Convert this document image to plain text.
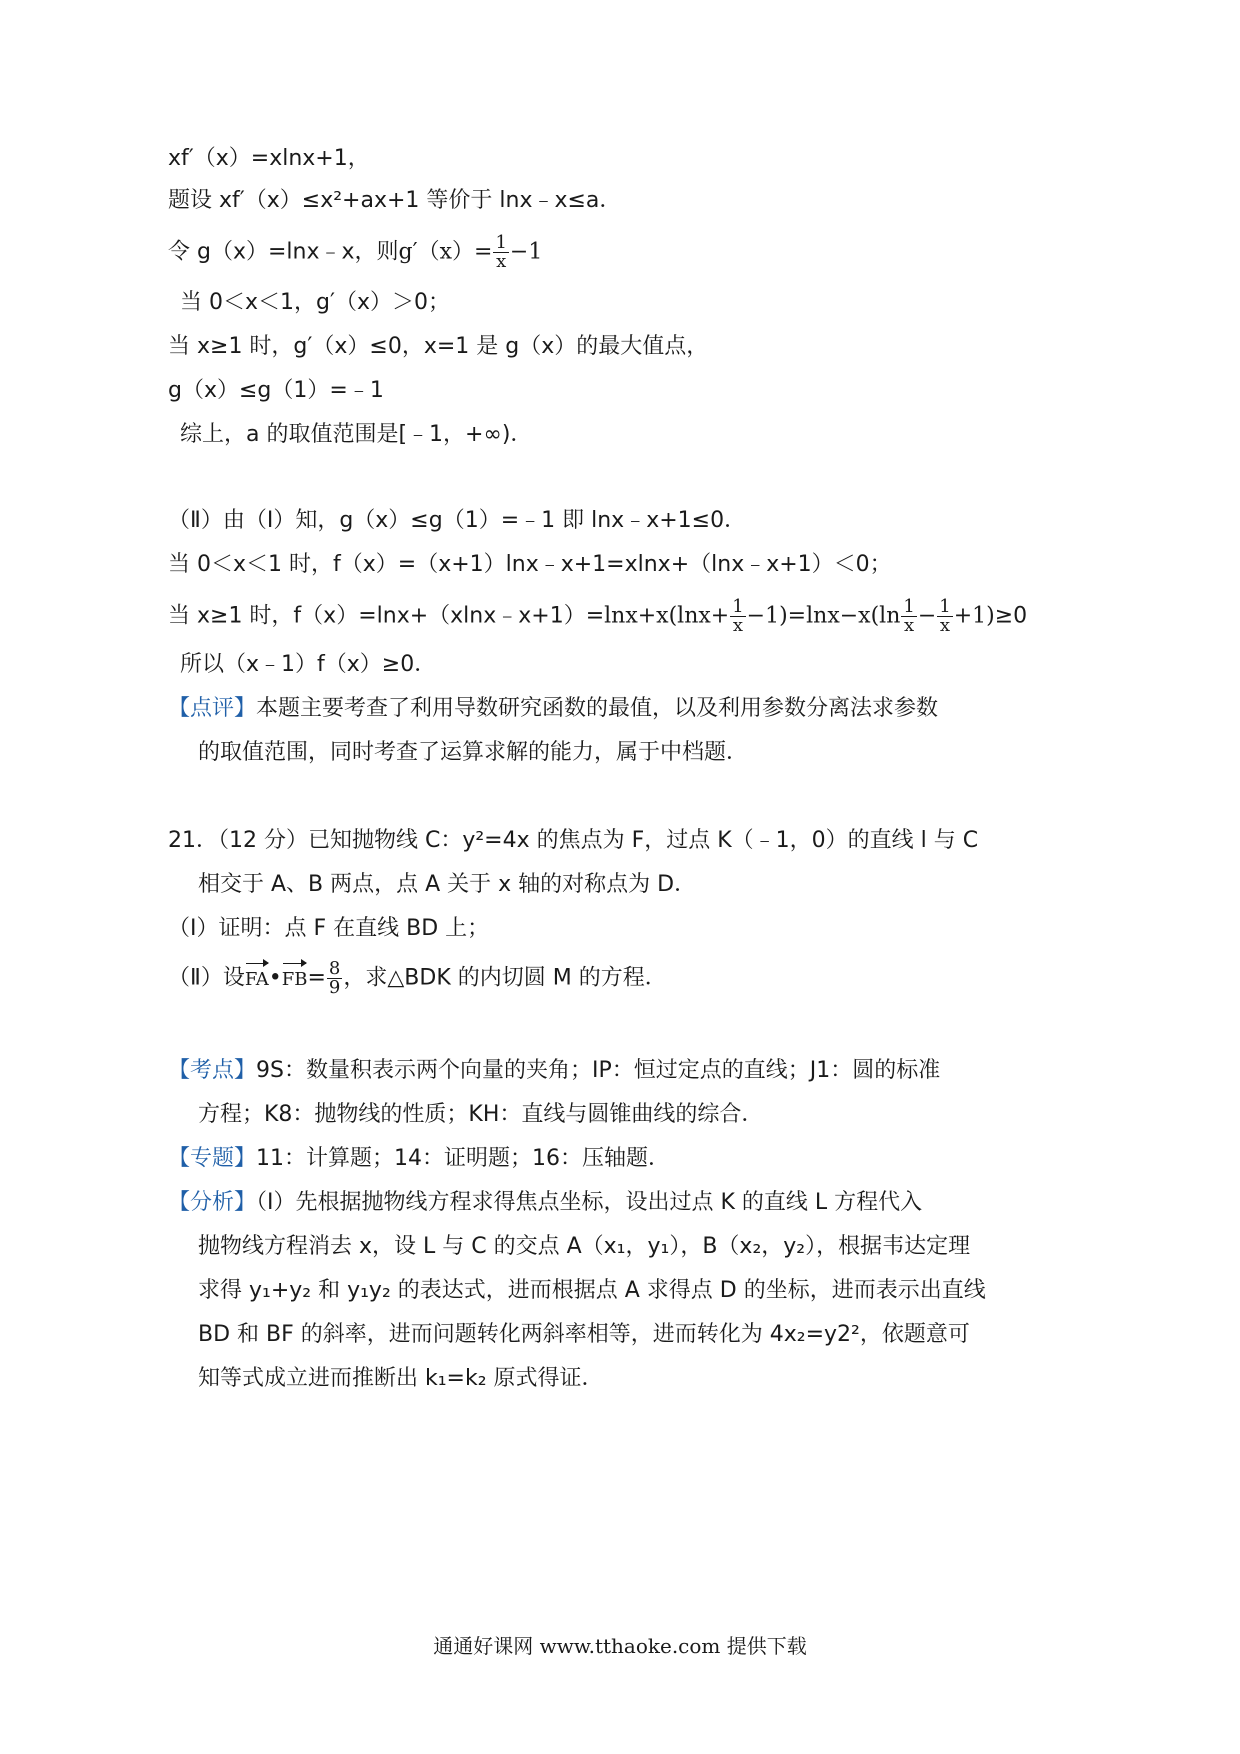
xf′（x）=xlnx+1，
题设 xf′（x）≤x²+ax+1 等价于 lnx﹣x≤a．
令 g（x）=lnx﹣x，则$g'(x)= \frac{1}{x} -1$
当 0＜x＜1，g′（x）＞0；
当 x≥1 时，g′（x）≤0，x=1 是 g（x）的最大值点，
g（x）≤g（1）=﹣1
综上，a 的取值范围是[﹣1，+∞)．
（Ⅱ）由（Ⅰ）知，g（x）≤g（1）=﹣1 即 lnx﹣x+1≤0．
当 0＜x＜1 时，f（x）=（x+1）lnx﹣x+1=xlnx+（lnx﹣x+1）＜0；
当 x≥1 时，f（x）=lnx+（xlnx﹣x+1）=lnx+x(lnx+ $\frac{1}{x} -1)=\ln x-x(\ln \frac{1}{x} - \frac{1}{x} +1)\ge 0$
所以（x﹣1）f（x）≥0．
【点评】本题主要考查了利用导数研究函数的最值，以及利用参数分离法求参数
的取值范围，同时考查了运算求解的能力，属于中档题．
21．（12 分）已知抛物线 C：y²=4x 的焦点为 F，过点 K（﹣1，0）的直线 l 与 C
相交于 A、B 两点，点 A 关于 x 轴的对称点为 D．
（Ⅰ）证明：点 F 在直线 BD 上；
（Ⅱ）设FA•FB= $\frac{8}{9}$ ，求△BDK 的内切圆 M 的方程．
【考点】9S：数量积表示两个向量的夹角；IP：恒过定点的直线；J1：圆的标准
方程；K8：抛物线的性质；KH：直线与圆锥曲线的综合．
【专题】11：计算题；14：证明题；16：压轴题．
【分析】（Ⅰ）先根据抛物线方程求得焦点坐标，设出过点 K 的直线 L 方程代入
抛物线方程消去 x，设 L 与 C 的交点 A（x₁，y₁），B（x₂，y₂），根据韦达定理
求得 y₁+y₂ 和 y₁y₂ 的表达式，进而根据点 A 求得点 D 的坐标，进而表示出直线
BD 和 BF 的斜率，进而问题转化两斜率相等，进而转化为 4x₂=y2²，依题意可
知等式成立进而推断出 k₁=k₂ 原式得证．
通通好课网 www.tthaoke.com 提供下载
